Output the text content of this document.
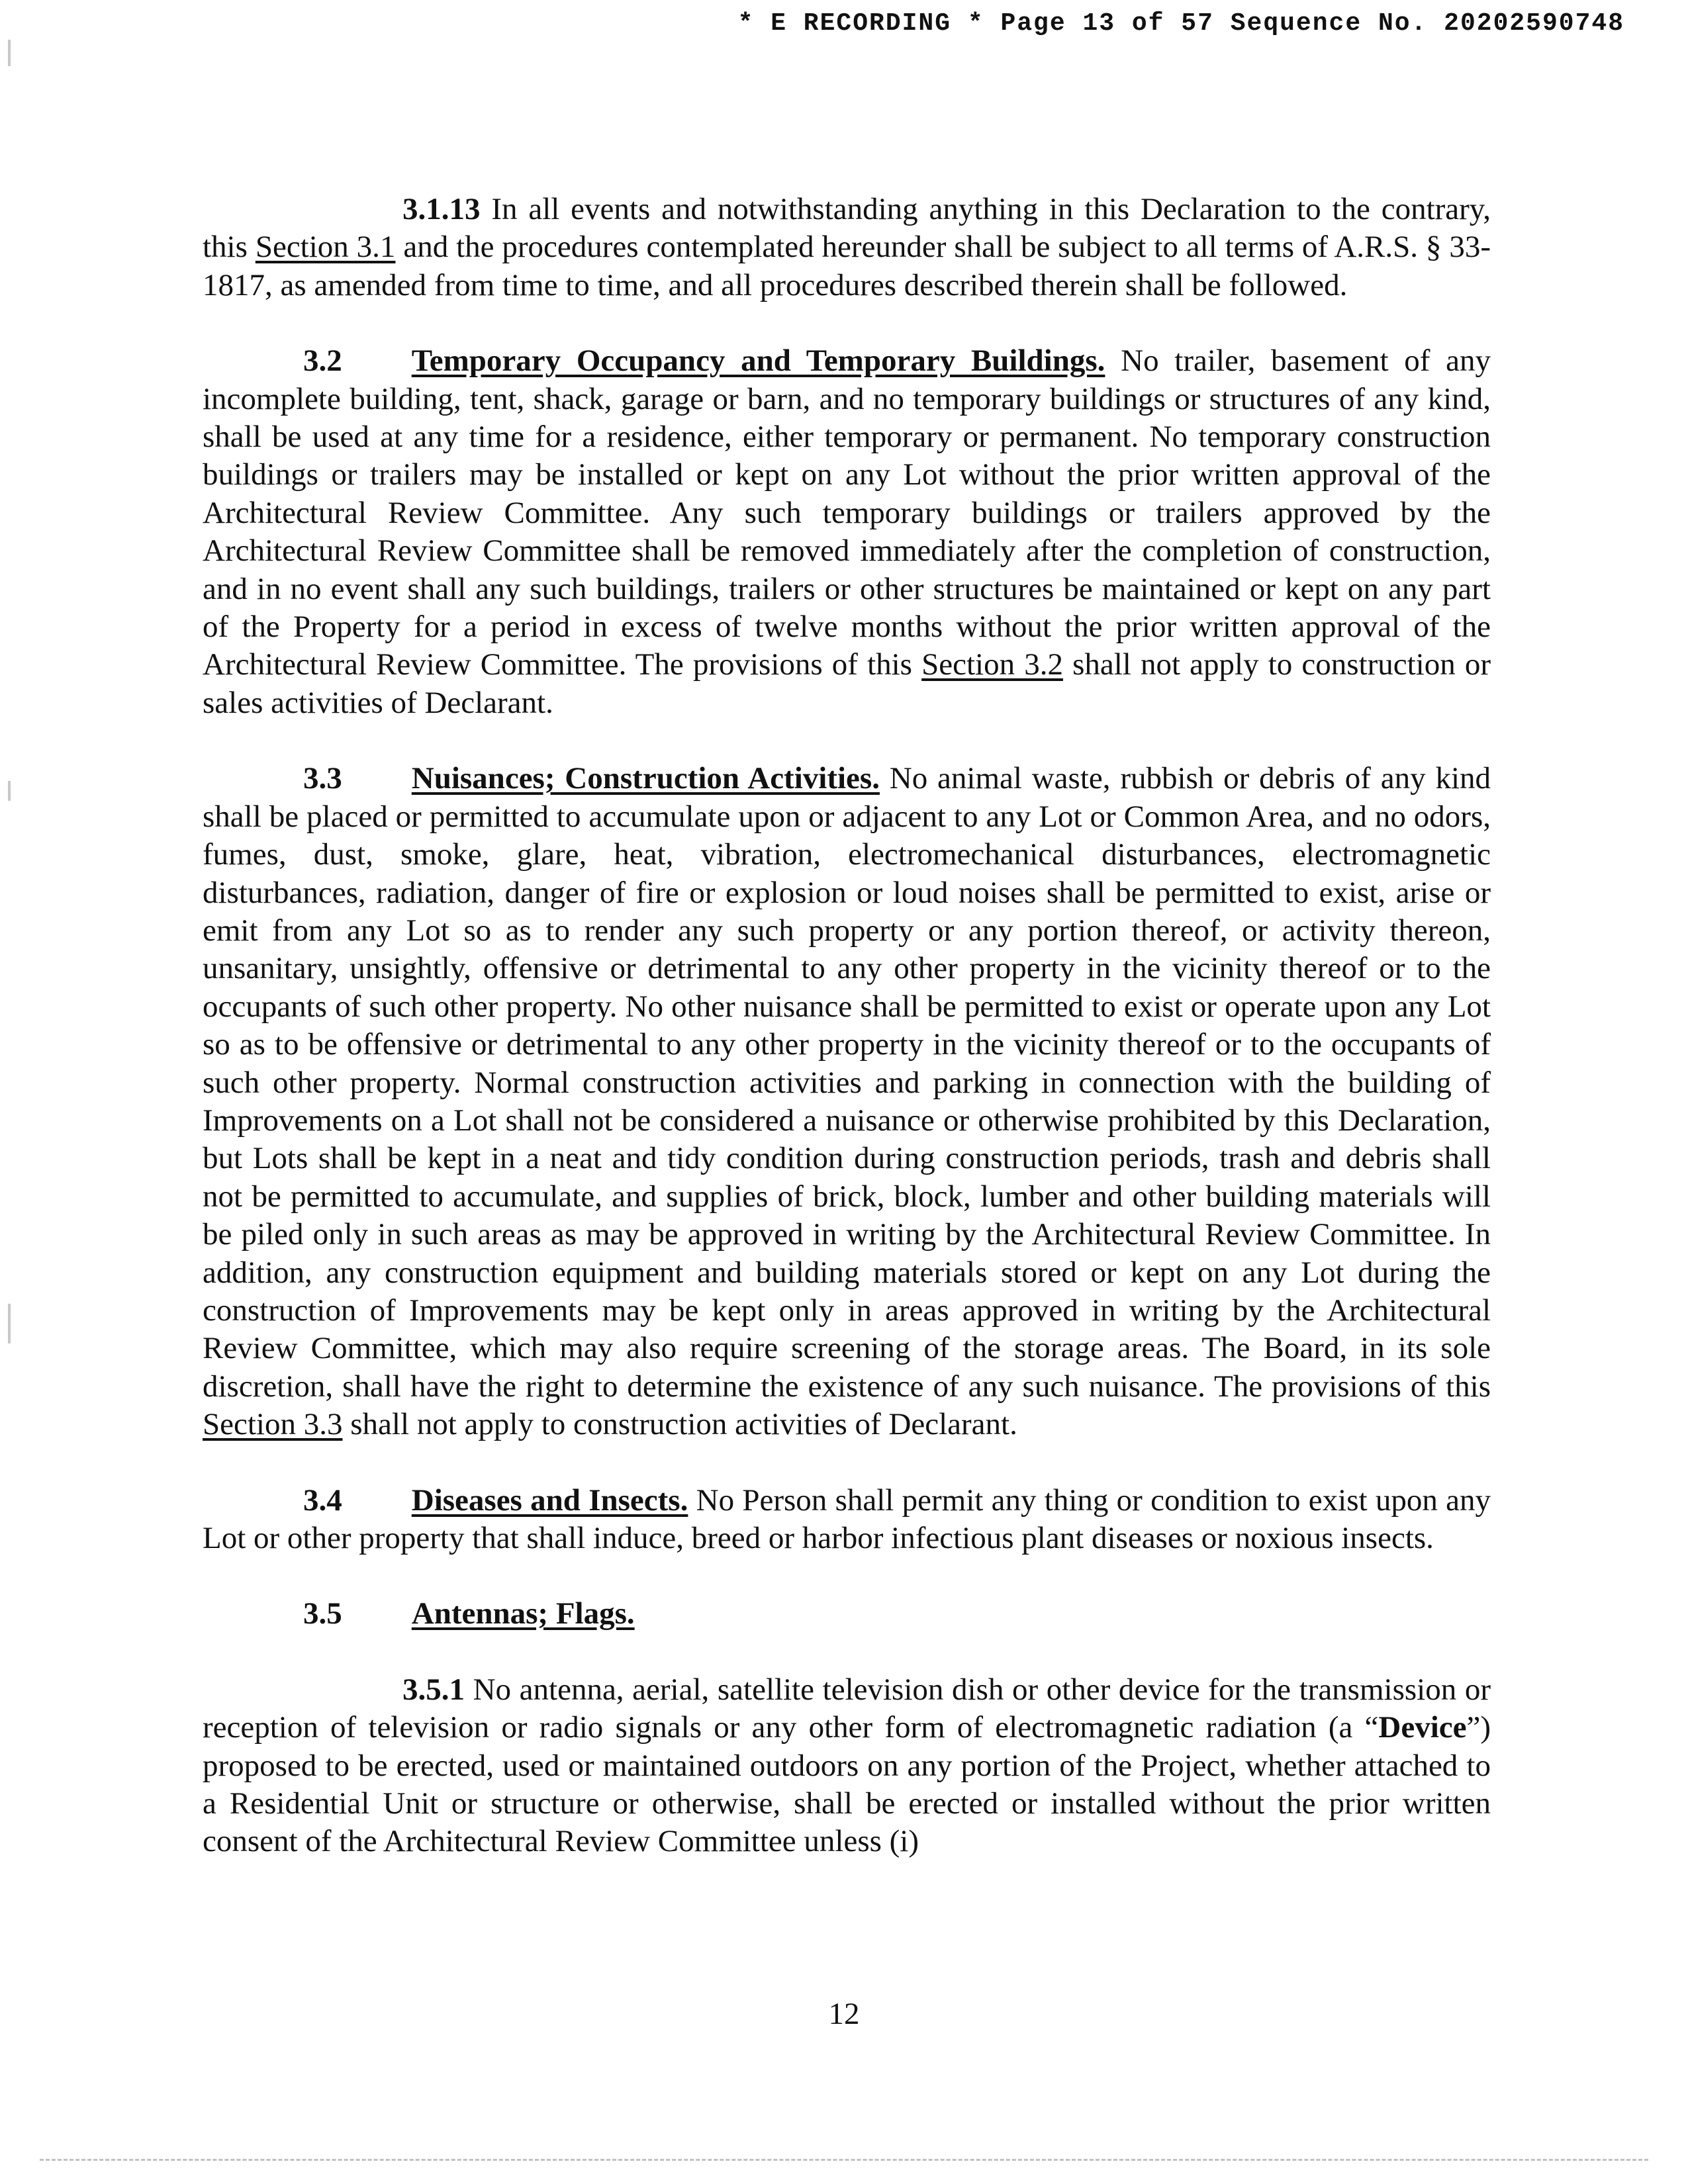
* E RECORDING * Page 13 of 57 Sequence No. 20202590748

3.1.13 In all events and notwithstanding anything in this Declaration to the contrary, this Section 3.1 and the procedures contemplated hereunder shall be subject to all terms of A.R.S. § 33-1817, as amended from time to time, and all procedures described therein shall be followed.

3.2 Temporary Occupancy and Temporary Buildings. No trailer, basement of any incomplete building, tent, shack, garage or barn, and no temporary buildings or structures of any kind, shall be used at any time for a residence, either temporary or permanent. No temporary construction buildings or trailers may be installed or kept on any Lot without the prior written approval of the Architectural Review Committee. Any such temporary buildings or trailers approved by the Architectural Review Committee shall be removed immediately after the completion of construction, and in no event shall any such buildings, trailers or other structures be maintained or kept on any part of the Property for a period in excess of twelve months without the prior written approval of the Architectural Review Committee. The provisions of this Section 3.2 shall not apply to construction or sales activities of Declarant.

3.3 Nuisances; Construction Activities. No animal waste, rubbish or debris of any kind shall be placed or permitted to accumulate upon or adjacent to any Lot or Common Area, and no odors, fumes, dust, smoke, glare, heat, vibration, electromechanical disturbances, electromagnetic disturbances, radiation, danger of fire or explosion or loud noises shall be permitted to exist, arise or emit from any Lot so as to render any such property or any portion thereof, or activity thereon, unsanitary, unsightly, offensive or detrimental to any other property in the vicinity thereof or to the occupants of such other property. No other nuisance shall be permitted to exist or operate upon any Lot so as to be offensive or detrimental to any other property in the vicinity thereof or to the occupants of such other property. Normal construction activities and parking in connection with the building of Improvements on a Lot shall not be considered a nuisance or otherwise prohibited by this Declaration, but Lots shall be kept in a neat and tidy condition during construction periods, trash and debris shall not be permitted to accumulate, and supplies of brick, block, lumber and other building materials will be piled only in such areas as may be approved in writing by the Architectural Review Committee. In addition, any construction equipment and building materials stored or kept on any Lot during the construction of Improvements may be kept only in areas approved in writing by the Architectural Review Committee, which may also require screening of the storage areas. The Board, in its sole discretion, shall have the right to determine the existence of any such nuisance. The provisions of this Section 3.3 shall not apply to construction activities of Declarant.

3.4 Diseases and Insects. No Person shall permit any thing or condition to exist upon any Lot or other property that shall induce, breed or harbor infectious plant diseases or noxious insects.

3.5 Antennas; Flags.

3.5.1 No antenna, aerial, satellite television dish or other device for the transmission or reception of television or radio signals or any other form of electromagnetic radiation (a “Device”) proposed to be erected, used or maintained outdoors on any portion of the Project, whether attached to a Residential Unit or structure or otherwise, shall be erected or installed without the prior written consent of the Architectural Review Committee unless (i)

12
